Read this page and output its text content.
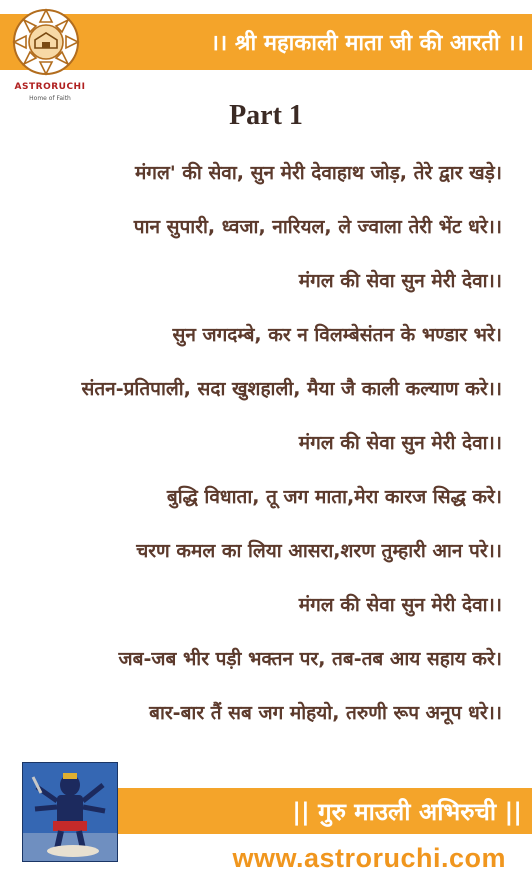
।। श्री महाकाली माता जी की आरती ।।
ASTRORUCHI
Home of Faith
Part 1
मंगल' की सेवा, सुन मेरी देवाहाथ जोड़, तेरे द्वार खड़े।
पान सुपारी, ध्वजा, नारियल, ले ज्वाला तेरी भेंट धरे।।
मंगल की सेवा सुन मेरी देवा।।
सुन जगदम्बे, कर न विलम्बेसंतन के भण्डार भरे।
संतन-प्रतिपाली, सदा खुशहाली, मैया जै काली कल्याण करे।।
मंगल की सेवा सुन मेरी देवा।।
बुद्धि विधाता, तू जग माता,मेरा कारज सिद्ध करे।
चरण कमल का लिया आसरा,शरण तुम्हारी आन परे।।
मंगल की सेवा सुन मेरी देवा।।
जब-जब भीर पड़ी भक्तन पर, तब-तब आय सहाय करे।
बार-बार तैं सब जग मोहयो, तरुणी रूप अनूप धरे।।
|| गुरु माउली अभिरुची ||
www.astroruchi.com
